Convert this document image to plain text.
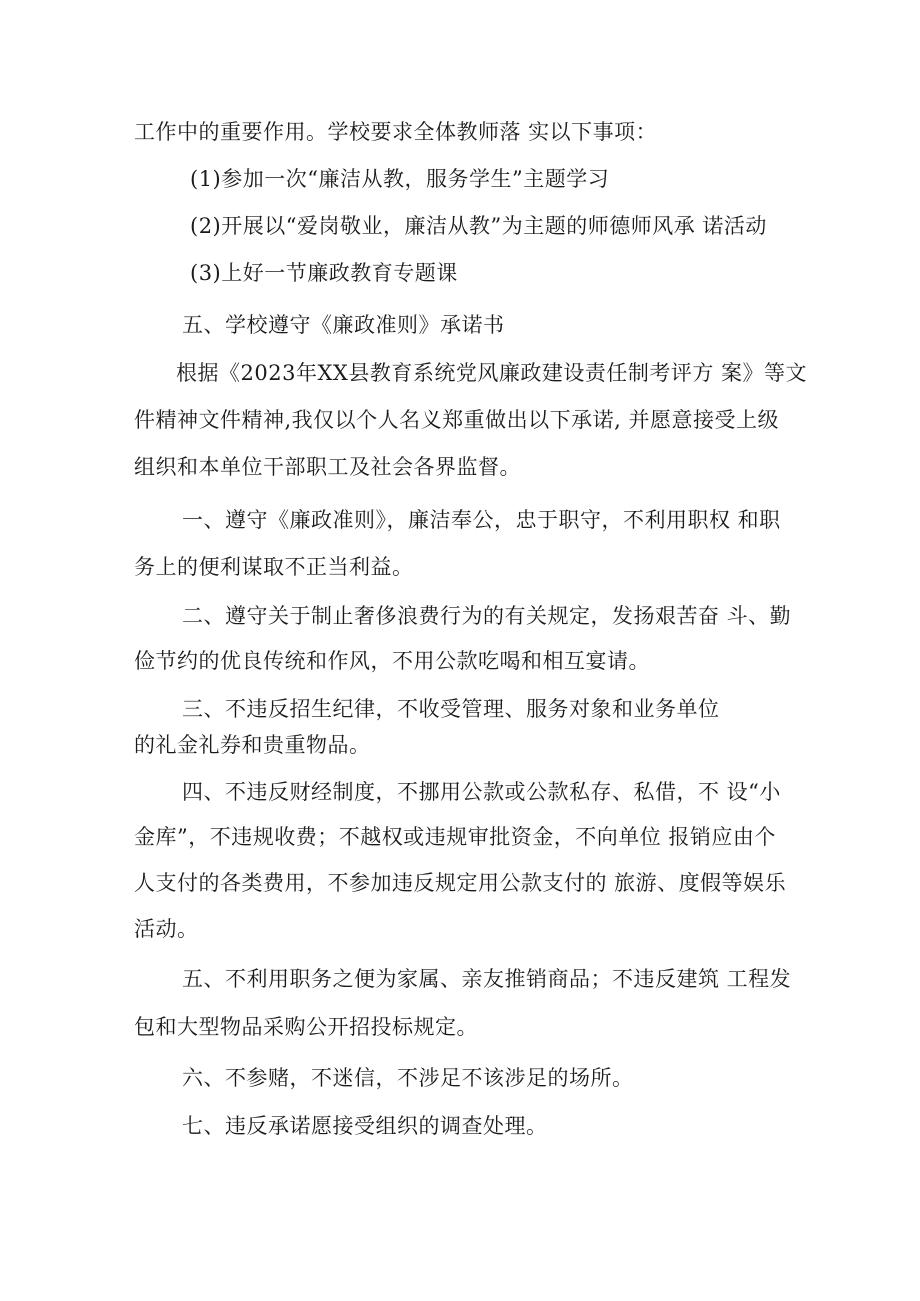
工作中的重要作用。学校要求全体教师落 实以下事项：
(1)参加一次“廉洁从教，服务学生”主题学习
(2)开展以“爱岗敬业，廉洁从教”为主题的师德师风承 诺活动
(3)上好一节廉政教育专题课
五、学校遵守《廉政准则》承诺书
根据《2023年XX县教育系统党风廉政建设责任制考评方 案》等文
件精神文件精神,我仅以个人名义郑重做出以下承诺, 并愿意接受上级
组织和本单位干部职工及社会各界监督。
一、遵守《廉政准则》，廉洁奉公，忠于职守，不利用职权 和职
务上的便利谋取不正当利益。
二、遵守关于制止奢侈浪费行为的有关规定，发扬艰苦奋 斗、勤
俭节约的优良传统和作风，不用公款吃喝和相互宴请。
三、不违反招生纪律，不收受管理、服务对象和业务单位
的礼金礼券和贵重物品。
四、不违反财经制度，不挪用公款或公款私存、私借，不 设“小
金库”，不违规收费；不越权或违规审批资金，不向单位 报销应由个
人支付的各类费用，不参加违反规定用公款支付的 旅游、度假等娱乐
活动。
五、不利用职务之便为家属、亲友推销商品；不违反建筑 工程发
包和大型物品采购公开招投标规定。
六、不参赌，不迷信，不涉足不该涉足的场所。
七、违反承诺愿接受组织的调查处理。
